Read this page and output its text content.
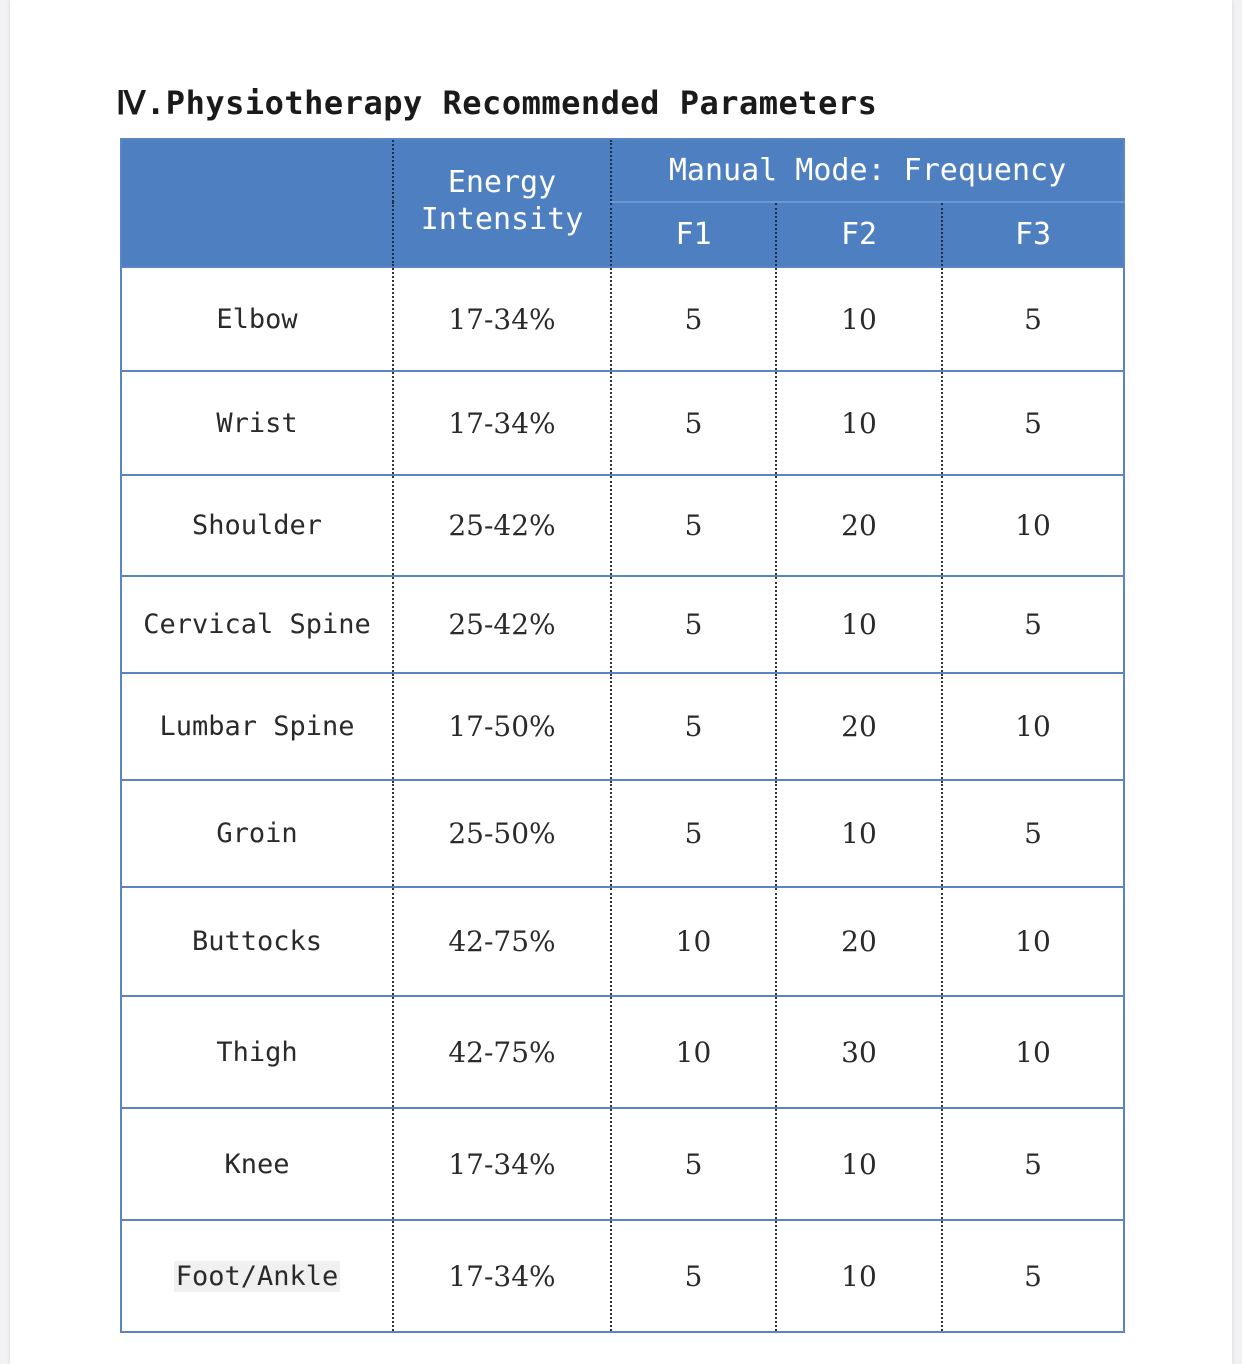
Ⅳ.Physiotherapy Recommended Parameters
	Energy	Manual Mode: Frequency		
	Intensity	F1	F2	F3
Elbow	17-34%	5	10	5
Wrist	17-34%	5	10	5
Shoulder	25-42%	5	20	10
Cervical Spine	25-42%	5	10	5
Lumbar Spine	17-50%	5	20	10
Groin	25-50%	5	10	5
Buttocks	42-75%	10	20	10
Thigh	42-75%	10	30	10
Knee	17-34%	5	10	5
Foot/Ankle	17-34%	5	10	5
